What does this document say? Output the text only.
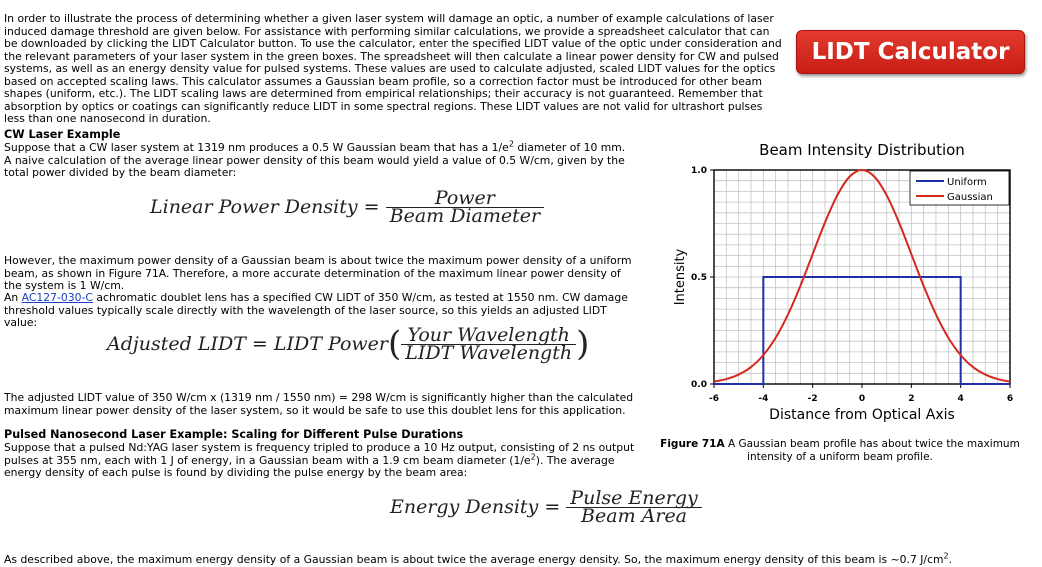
In order to illustrate the process of determining whether a given laser system will damage an optic, a number of example calculations of laser induced damage threshold are given below. For assistance with performing similar calculations, we provide a spreadsheet calculator that can be downloaded by clicking the LIDT Calculator button. To use the calculator, enter the specified LIDT value of the optic under consideration and the relevant parameters of your laser system in the green boxes. The spreadsheet will then calculate a linear power density for CW and pulsed systems, as well as an energy density value for pulsed systems. These values are used to calculate adjusted, scaled LIDT values for the optics based on accepted scaling laws. This calculator assumes a Gaussian beam profile, so a correction factor must be introduced for other beam shapes (uniform, etc.). The LIDT scaling laws are determined from empirical relationships; their accuracy is not guaranteed. Remember that absorption by optics or coatings can significantly reduce LIDT in some spectral regions. These LIDT values are not valid for ultrashort pulses less than one nanosecond in duration.

LIDT Calculator

CW Laser Example

Suppose that a CW laser system at 1319 nm produces a 0.5 W Gaussian beam that has a $1/e^2$ diameter of 10 mm. A naive calculation of the average linear power density of this beam would yield a value of 0.5 W/cm, given by the total power divided by the beam diameter:

Linear Power Density = $\frac{\text{Power}}{\text{Beam Diameter}}$

However, the maximum power density of a Gaussian beam is about twice the maximum power density of a uniform beam, as shown in Figure 71A. Therefore, a more accurate determination of the maximum linear power density of the system is 1 W/cm.

An AC127-030-C achromatic doublet lens has a specified CW LIDT of 350 W/cm, as tested at 1550 nm. CW damage threshold values typically scale directly with the wavelength of the laser source, so this yields an adjusted LIDT value:

Adjusted LIDT = LIDT Power( $\frac{\text{Your Wavelength}}{\text{LIDT Wavelength}}$ )

The adjusted LIDT value of 350 W/cm x (1319 nm / 1550 nm) = 298 W/cm is significantly higher than the calculated maximum linear power density of the laser system, so it would be safe to use this doublet lens for this application.

Pulsed Nanosecond Laser Example: Scaling for Different Pulse Durations

Suppose that a pulsed Nd:YAG laser system is frequency tripled to produce a 10 Hz output, consisting of 2 ns output pulses at 355 nm, each with 1 J of energy, in a Gaussian beam with a 1.9 cm beam diameter $(1/e^2)$. The average energy density of each pulse is found by dividing the pulse energy by the beam area:

Energy Density = $\frac{\text{Pulse Energy}}{\text{Beam Area}}$

As described above, the maximum energy density of a Gaussian beam is about twice the average energy density. So, the maximum energy density of this beam is ~0.7 $J/cm^2$.

Beam Intensity Distribution
-6	-4	-2	0	2	4	6
0.0
0.5
1.0
Distance from Optical Axis
Intensity
Uniform
Gaussian

Figure 71A A Gaussian beam profile has about twice the maximum intensity of a uniform beam profile.
